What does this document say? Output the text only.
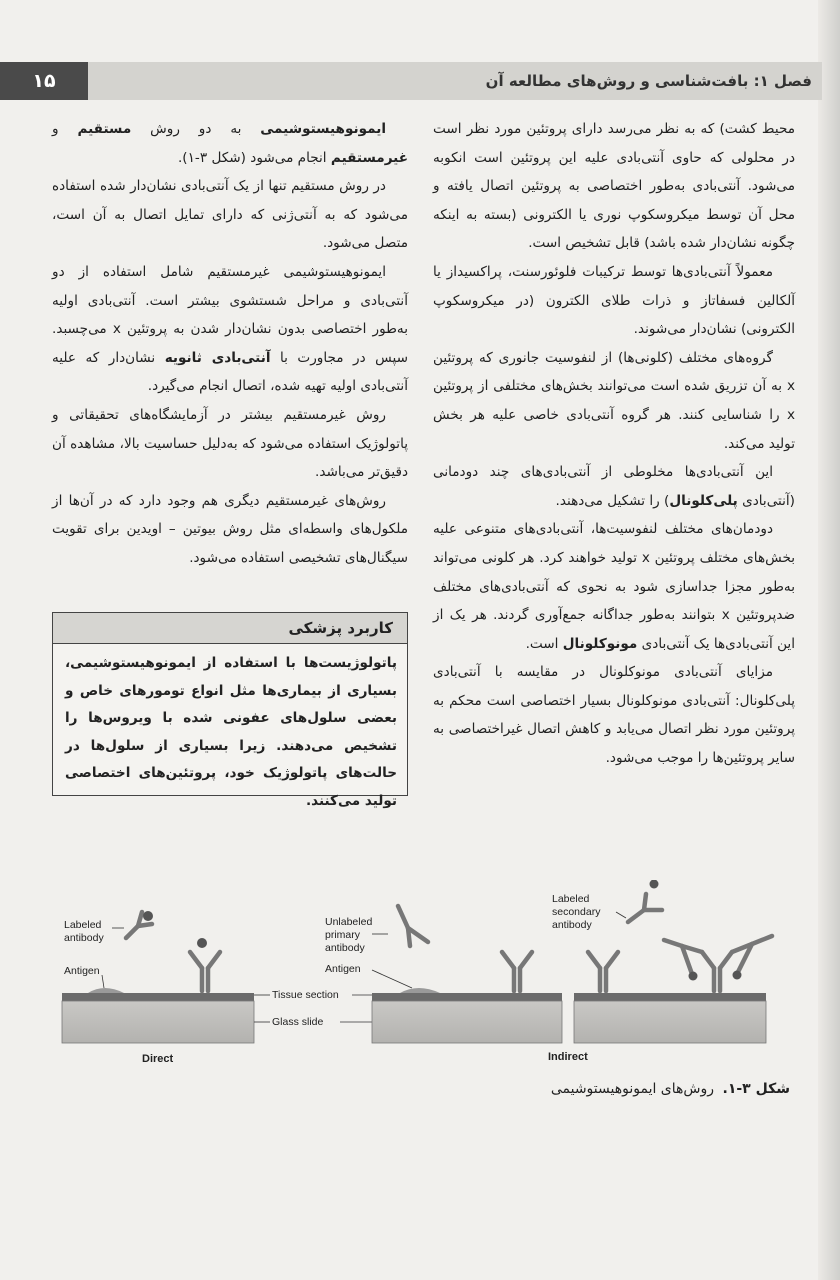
۱۵	فصل ۱: بافت‌شناسی و روش‌های مطالعه آن

محیط کشت) که به نظر می‌رسد دارای پروتئین مورد نظر است در محلولی که حاوی آنتی‌بادی علیه این پروتئین است انکوبه می‌شود. آنتی‌بادی به‌طور اختصاصی به پروتئین اتصال یافته و محل آن توسط میکروسکوپ نوری یا الکترونی (بسته به اینکه چگونه نشان‌دار شده باشد) قابل تشخیص است.

معمولاً آنتی‌بادی‌ها توسط ترکیبات فلوئورسنت، پراکسیداز یا آلکالین فسفاتاز و ذرات طلای الکترون (در میکروسکوپ الکترونی) نشان‌دار می‌شوند.

گروه‌های مختلف (کلونی‌ها) از لنفوسیت جانوری که پروتئین x به آن تزریق شده است می‌توانند بخش‌های مختلفی از پروتئین x را شناسایی کنند. هر گروه آنتی‌بادی خاصی علیه هر بخش تولید می‌کند.

این آنتی‌بادی‌ها مخلوطی از آنتی‌بادی‌های چند دودمانی (آنتی‌بادی پلی‌کلونال) را تشکیل می‌دهند.

دودمان‌های مختلف لنفوسیت‌ها، آنتی‌بادی‌های متنوعی علیه بخش‌های مختلف پروتئین x تولید خواهند کرد. هر کلونی می‌تواند به‌طور مجزا جداسازی شود به نحوی که آنتی‌بادی‌های مختلف ضدپروتئین x بتوانند به‌طور جداگانه جمع‌آوری گردند. هر یک از این آنتی‌بادی‌ها یک آنتی‌بادی مونوکلونال است.

مزایای آنتی‌بادی مونوکلونال در مقایسه با آنتی‌بادی پلی‌کلونال: آنتی‌بادی مونوکلونال بسیار اختصاصی است محکم به پروتئین مورد نظر اتصال می‌یابد و کاهش اتصال غیراختصاصی به سایر پروتئین‌ها را موجب می‌شود.

ایمونوهیستوشیمی به دو روش مستقیم و غیرمستقیم انجام می‌شود (شکل ۳-۱).

در روش مستقیم تنها از یک آنتی‌بادی نشان‌دار شده استفاده می‌شود که به آنتی‌ژنی که دارای تمایل اتصال به آن است، متصل می‌شود.

ایمونوهیستوشیمی غیرمستقیم شامل استفاده از دو آنتی‌بادی و مراحل شستشوی بیشتر است. آنتی‌بادی اولیه به‌طور اختصاصی بدون نشان‌دار شدن به پروتئین x می‌چسبد. سپس در مجاورت با آنتی‌بادی ثانویه نشان‌دار که علیه آنتی‌بادی اولیه تهیه شده، اتصال انجام می‌گیرد.

روش غیرمستقیم بیشتر در آزمایشگاه‌های تحقیقاتی و پاتولوژیک استفاده می‌شود که به‌دلیل حساسیت بالا، مشاهده آن دقیق‌تر می‌باشد.

روش‌های غیرمستقیم دیگری هم وجود دارد که در آن‌ها از ملکول‌های واسطه‌ای مثل روش بیوتین – اویدین برای تقویت سیگنال‌های تشخیصی استفاده می‌شود.

کاربرد پزشکی
پاتولوژیست‌ها با استفاده از ایمونوهیستوشیمی، بسیاری از بیماری‌ها مثل انواع تومورهای خاص و بعضی سلول‌های عفونی شده با ویروس‌ها را تشخیص می‌دهند. زیرا بسیاری از سلول‌ها در حالت‌های پاتولوژیک خود، پروتئین‌های اختصاصی تولید می‌کنند.
Labeled
antibody
Antigen
Direct
Tissue section
Glass slide
Unlabeled
primary
antibody
Antigen
Labeled
secondary
antibody
Indirect
شکل ۳-۱. روش‌های ایمونوهیستوشیمی
